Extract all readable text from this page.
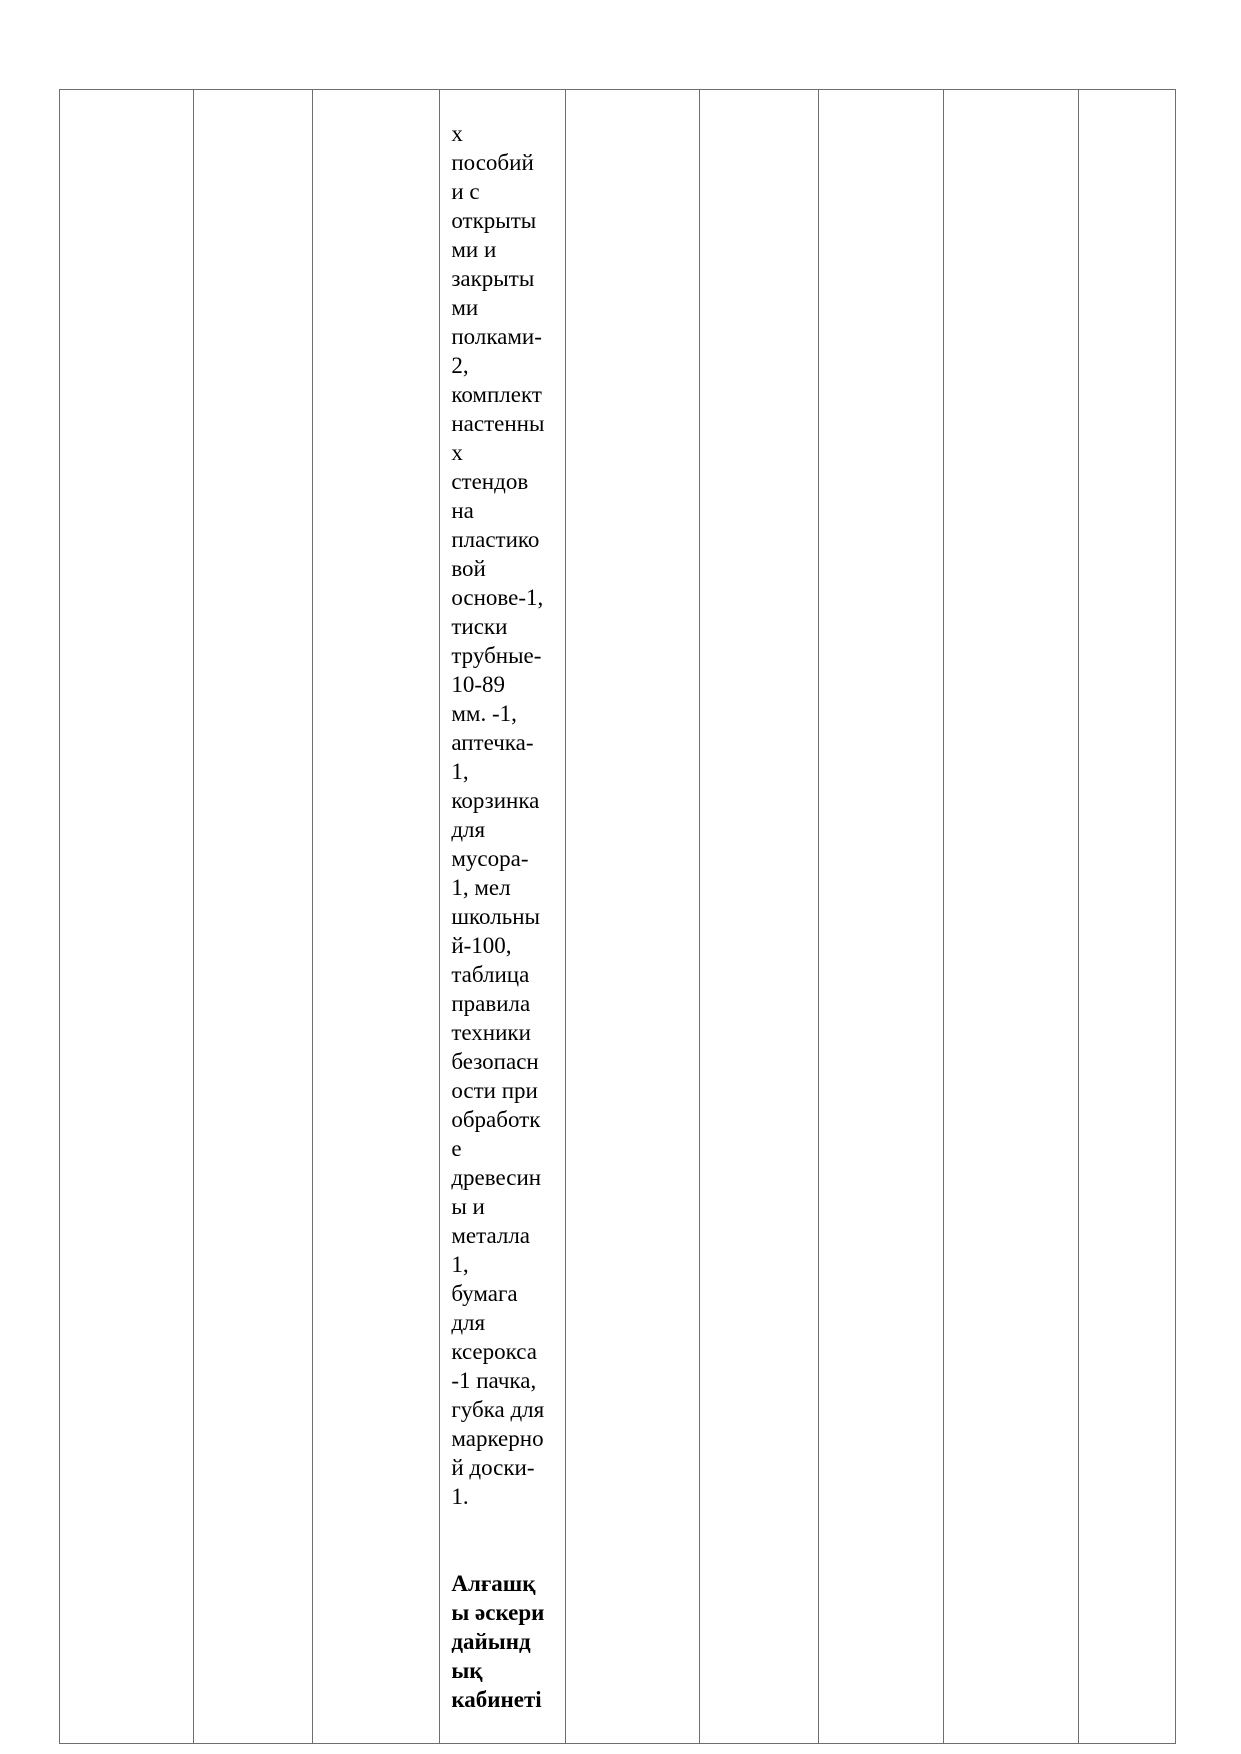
х
пособий
и с
открыты
ми и
закрыты
ми
полками-
2,
комплект
настенны
х
стендов
на
пластико
вой
основе-1,
тиски
трубные-
10-89
мм. -1,
аптечка-
1,
корзинка
для
мусора-
1, мел
школьны
й-100,
таблица
правила
техники
безопасн
ости при
обработк
е
древесин
ы и
металла
1,
бумага
для
ксерокса
-1 пачка,
губка для
маркерно
й доски-
1.

Алғашқ
ы әскери
дайынд
ық
кабинеті
